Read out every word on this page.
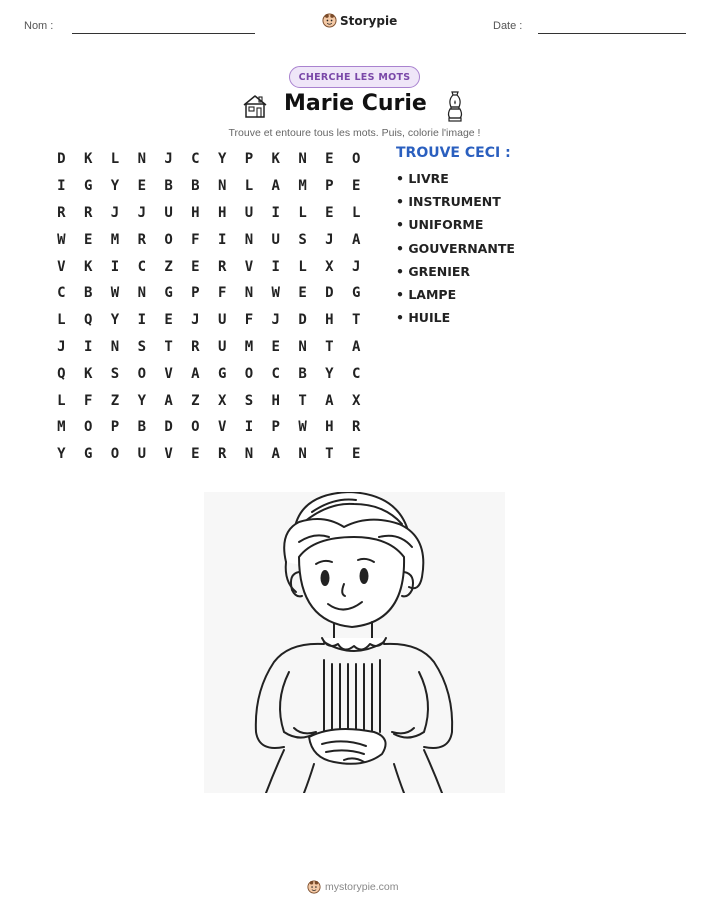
Nom :	Storypie	Date :
CHERCHE LES MOTS
Marie Curie
Trouve et entoure tous les mots. Puis, colorie l'image !
D	K	L	N	J	C	Y	P	K	N	E	O
I	G	Y	E	B	B	N	L	A	M	P	E
R	R	J	J	U	H	H	U	I	L	E	L
W	E	M	R	O	F	I	N	U	S	J	A
V	K	I	C	Z	E	R	V	I	L	X	J
C	B	W	N	G	P	F	N	W	E	D	G
L	Q	Y	I	E	J	U	F	J	D	H	T
J	I	N	S	T	R	U	M	E	N	T	A
Q	K	S	O	V	A	G	O	C	B	Y	C
L	F	Z	Y	A	Z	X	S	H	T	A	X
M	O	P	B	D	O	V	I	P	W	H	R
Y	G	O	U	V	E	R	N	A	N	T	E
TROUVE CECI :
• LIVRE
• INSTRUMENT
• UNIFORME
• GOUVERNANTE
• GRENIER
• LAMPE
• HUILE
mystorypie.com
